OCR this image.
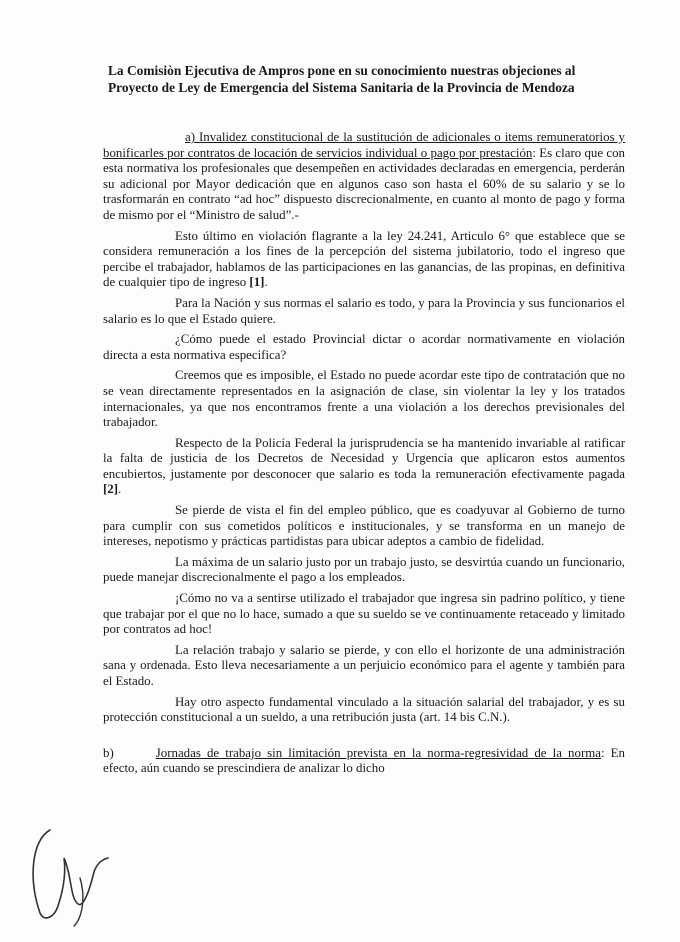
La Comisiòn Ejecutiva de Ampros pone en su conocimiento nuestras objeciones al Proyecto de Ley de Emergencia del Sistema Sanitaria de la Provincia de Mendoza

a) Invalidez constitucional de la sustitución de adicionales o items remuneratorios y bonificarles por contratos de locación de servicios individual o pago por prestación: Es claro que con esta normativa los profesionales que desempeñen en actividades declaradas en emergencia, perderán su adicional por Mayor dedicación que en algunos caso son hasta el 60% de su salario y se lo trasformarán en contrato “ad hoc” dispuesto discrecionalmente, en cuanto al monto de pago y forma de mismo por el “Ministro de salud”.-

Esto último en violación flagrante a la ley 24.241, Articulo 6° que establece que se considera remuneración a los fines de la percepción del sistema jubilatorio, todo el ingreso que percibe el trabajador, hablamos de las participaciones en las ganancias, de las propinas, en definitiva de cualquier tipo de ingreso [1].

Para la Nación y sus normas el salario es todo, y para la Provincia y sus funcionarios el salario es lo que el Estado quiere.

¿Cómo puede el estado Provincial dictar o acordar normativamente en violación directa a esta normativa especifica?

Creemos que es imposible, el Estado no puede acordar este tipo de contratación que no se vean directamente representados en la asignación de clase, sin violentar la ley y los tratados internacionales, ya que nos encontramos frente a una violación a los derechos previsionales del trabajador.

Respecto de la Policía Federal la jurisprudencia se ha mantenido invariable al ratificar la falta de justicia de los Decretos de Necesidad y Urgencia que aplicaron estos aumentos encubiertos, justamente por desconocer que salario es toda la remuneración efectivamente pagada [2].

Se pierde de vista el fin del empleo público, que es coadyuvar al Gobierno de turno para cumplir con sus cometidos políticos e institucionales, y se transforma en un manejo de intereses, nepotismo y prácticas partidistas para ubicar adeptos a cambio de fidelidad.

La máxima de un salario justo por un trabajo justo, se desvirtúa cuando un funcionario, puede manejar discrecionalmente el pago a los empleados.

¡Cómo no va a sentirse utilizado el trabajador que ingresa sin padrino político, y tiene que trabajar por el que no lo hace, sumado a que su sueldo se ve continuamente retaceado y limitado por contratos ad hoc!

La relación trabajo y salario se pierde, y con ello el horizonte de una administración sana y ordenada. Esto lleva necesariamente a un perjuicio económico para el agente y también para el Estado.

Hay otro aspecto fundamental vinculado a la situación salarial del trabajador, y es su protección constitucional a un sueldo, a una retribución justa (art. 14 bis C.N.).

b)	Jornadas de trabajo sin limitación prevista en la norma-regresividad de la norma: En efecto, aún cuando se prescindiera de analizar lo dicho
